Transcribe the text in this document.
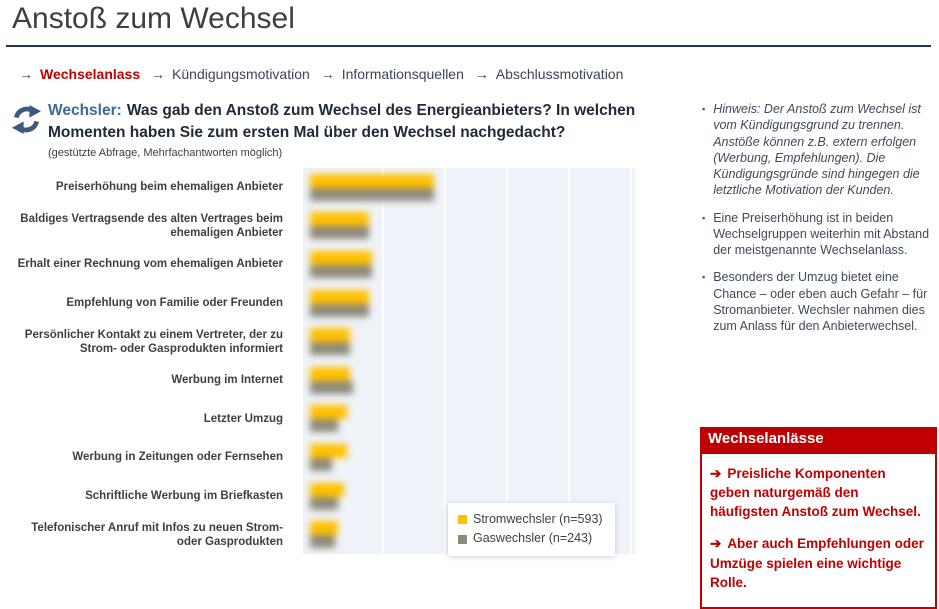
Anstoß zum Wechsel
→ Wechselanlass → Kündigungsmotivation → Informationsquellen → Abschlussmotivation
Wechsler: Was gab den Anstoß zum Wechsel des Energieanbieters? In welchen Momenten haben Sie zum ersten Mal über den Wechsel nachgedacht?
(gestützte Abfrage, Mehrfachantworten möglich)
Preiserhöhung beim ehemaligen Anbieter
Baldiges Vertragsende des alten Vertrages beim ehemaligen Anbieter
Erhalt einer Rechnung vom ehemaligen Anbieter
Empfehlung von Familie oder Freunden
Persönlicher Kontakt zu einem Vertreter, der zu Strom- oder Gasprodukten informiert
Werbung im Internet
Letzter Umzug
Werbung in Zeitungen oder Fernsehen
Schriftliche Werbung im Briefkasten
Telefonischer Anruf mit Infos zu neuen Strom- oder Gasprodukten
Stromwechsler (n=593)
Gaswechsler (n=243)
▪ Hinweis: Der Anstoß zum Wechsel ist vom Kündigungsgrund zu trennen. Anstöße können z.B. extern erfolgen (Werbung, Empfehlungen). Die Kündigungsgründe sind hingegen die letztliche Motivation der Kunden.
▪ Eine Preiserhöhung ist in beiden Wechselgruppen weiterhin mit Abstand der meistgenannte Wechselanlass.
▪ Besonders der Umzug bietet eine Chance – oder eben auch Gefahr – für Stromanbieter. Wechsler nahmen dies zum Anlass für den Anbieterwechsel.
Wechselanlässe
➔ Preisliche Komponenten geben naturgemäß den häufigsten Anstoß zum Wechsel.
➔ Aber auch Empfehlungen oder Umzüge spielen eine wichtige Rolle.
